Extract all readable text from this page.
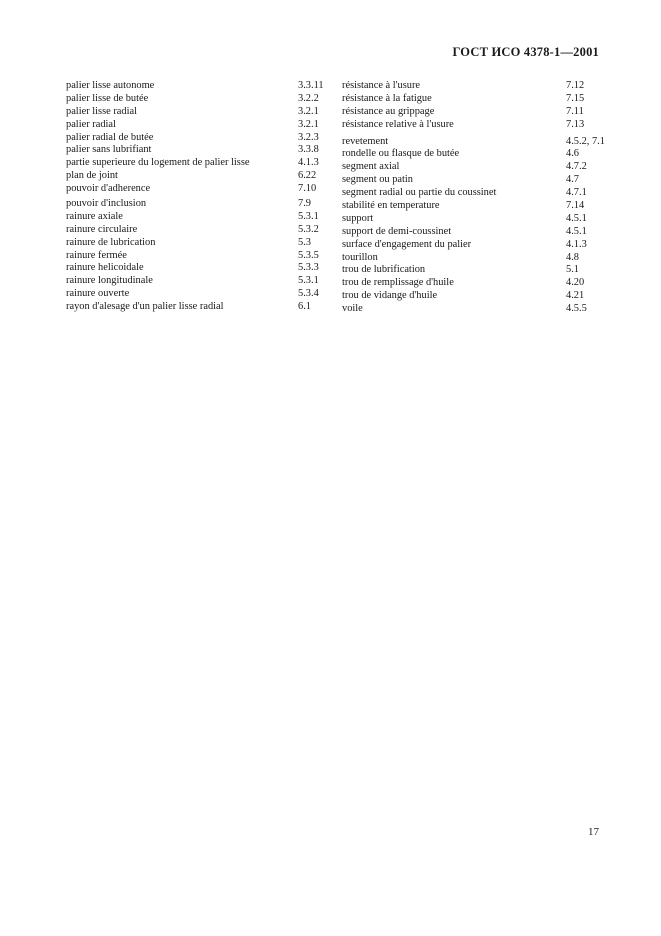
ГОСТ ИСО 4378-1—2001
palier lisse autonome	3.3.11
palier lisse de butée	3.2.2
palier lisse radial	3.2.1
palier radial	3.2.1
palier radial de butée	3.2.3
palier sans lubrifiant	3.3.8
partie superieure du logement de palier lisse	4.1.3
plan de joint	6.22
pouvoir d'adherence	7.10
pouvoir d'inclusion	7.9
rainure axiale	5.3.1
rainure circulaire	5.3.2
rainure de lubrication	5.3
rainure fermée	5.3.5
rainure helicoidale	5.3.3
rainure longitudinale	5.3.1
rainure ouverte	5.3.4
rayon d'alesage d'un palier lisse radial	6.1
résistance à l'usure	7.12
résistance à la fatigue	7.15
résistance au grippage	7.11
résistance relative à l'usure	7.13
revetement	4.5.2, 7.1
rondelle ou flasque de butée	4.6
segment axial	4.7.2
segment ou patin	4.7
segment radial ou partie du coussinet	4.7.1
stabilité en temperature	7.14
support	4.5.1
support de demi-coussinet	4.5.1
surface d'engagement du palier	4.1.3
tourillon	4.8
trou de lubrification	5.1
trou de remplissage d'huile	4.20
trou de vidange d'huile	4.21
voile	4.5.5
17
